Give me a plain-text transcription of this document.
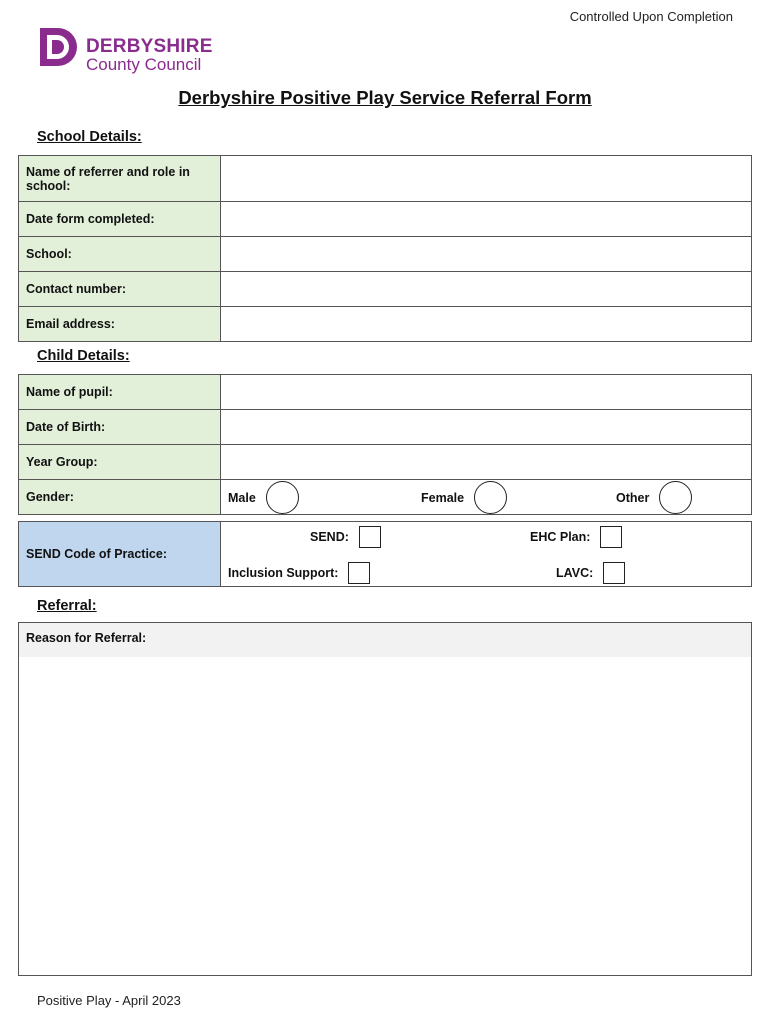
Controlled Upon Completion
DERBYSHIRE
County Council
Derbyshire Positive Play Service Referral Form
School Details:
Name of referrer and role in school:	
Date form completed:	
School:	
Contact number:	
Email address:	
Child Details:
Name of pupil:	
Date of Birth:	
Year Group:	
Gender:	Male Female Other
SEND Code of Practice:	
SEND:	EHC Plan:
Inclusion Support:	LAVC:
Referral:
Reason for Referral:
Positive Play - April 2023
